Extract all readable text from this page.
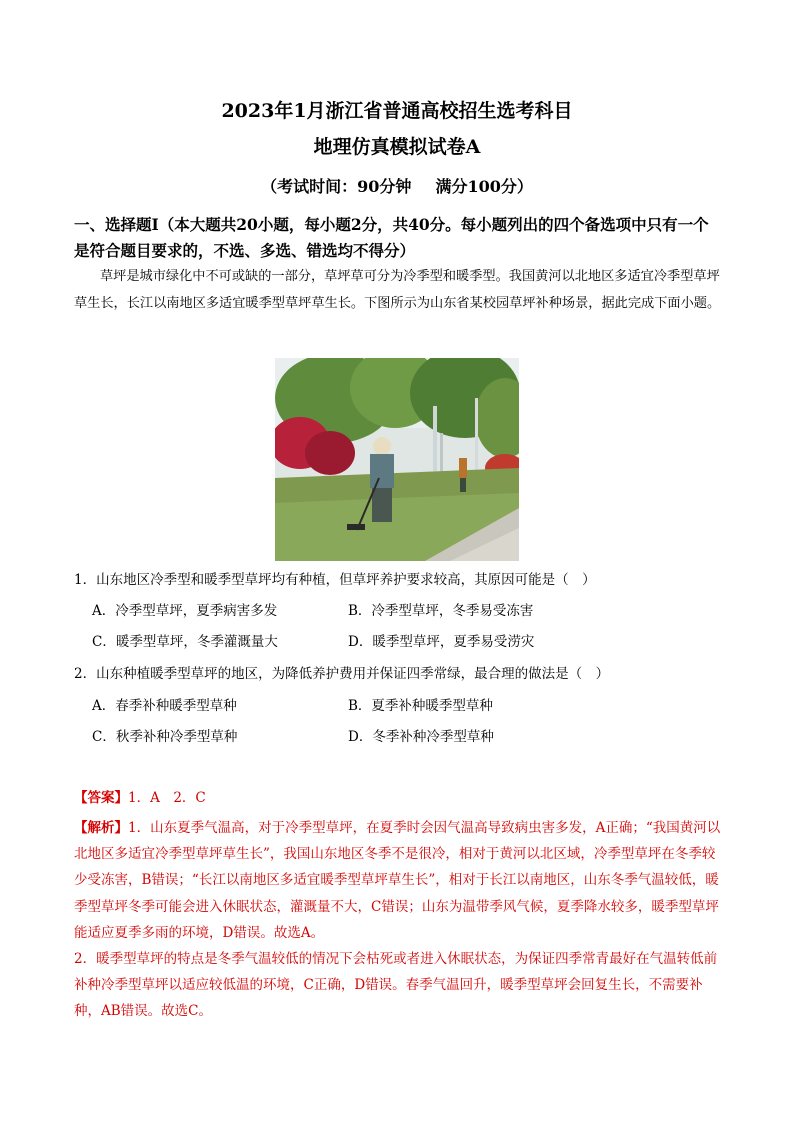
2023年1月浙江省普通高校招生选考科目
地理仿真模拟试卷A
（考试时间：90分钟 满分100分）
一、选择题Ⅰ（本大题共20小题，每小题2分，共40分。每小题列出的四个备选项中只有一个是符合题目要求的，不选、多选、错选均不得分）
草坪是城市绿化中不可或缺的一部分，草坪草可分为冷季型和暖季型。我国黄河以北地区多适宜冷季型草坪草生长，长江以南地区多适宜暖季型草坪草生长。下图所示为山东省某校园草坪补种场景，据此完成下面小题。
1．山东地区冷季型和暖季型草坪均有种植，但草坪养护要求较高，其原因可能是（　）
A．冷季型草坪，夏季病害多发	B．冷季型草坪，冬季易受冻害
C．暖季型草坪，冬季灌溉量大	D．暖季型草坪，夏季易受涝灾
2．山东种植暖季型草坪的地区，为降低养护费用并保证四季常绿，最合理的做法是（　）
A．春季补种暖季型草种	B．夏季补种暖季型草种
C．秋季补种冷季型草种	D．冬季补种冷季型草种
【答案】1．A　2．C
【解析】1．山东夏季气温高，对于冷季型草坪，在夏季时会因气温高导致病虫害多发，A正确；“我国黄河以北地区多适宜冷季型草坪草生长”，我国山东地区冬季不是很冷，相对于黄河以北区域，冷季型草坪在冬季较少受冻害，B错误；“长江以南地区多适宜暖季型草坪草生长”，相对于长江以南地区，山东冬季气温较低，暖季型草坪冬季可能会进入休眠状态，灌溉量不大，C错误；山东为温带季风气候，夏季降水较多，暖季型草坪能适应夏季多雨的环境，D错误。故选A。
2．暖季型草坪的特点是冬季气温较低的情况下会枯死或者进入休眠状态，为保证四季常青最好在气温转低前补种冷季型草坪以适应较低温的环境，C正确，D错误。春季气温回升，暖季型草坪会回复生长，不需要补种，AB错误。故选C。
